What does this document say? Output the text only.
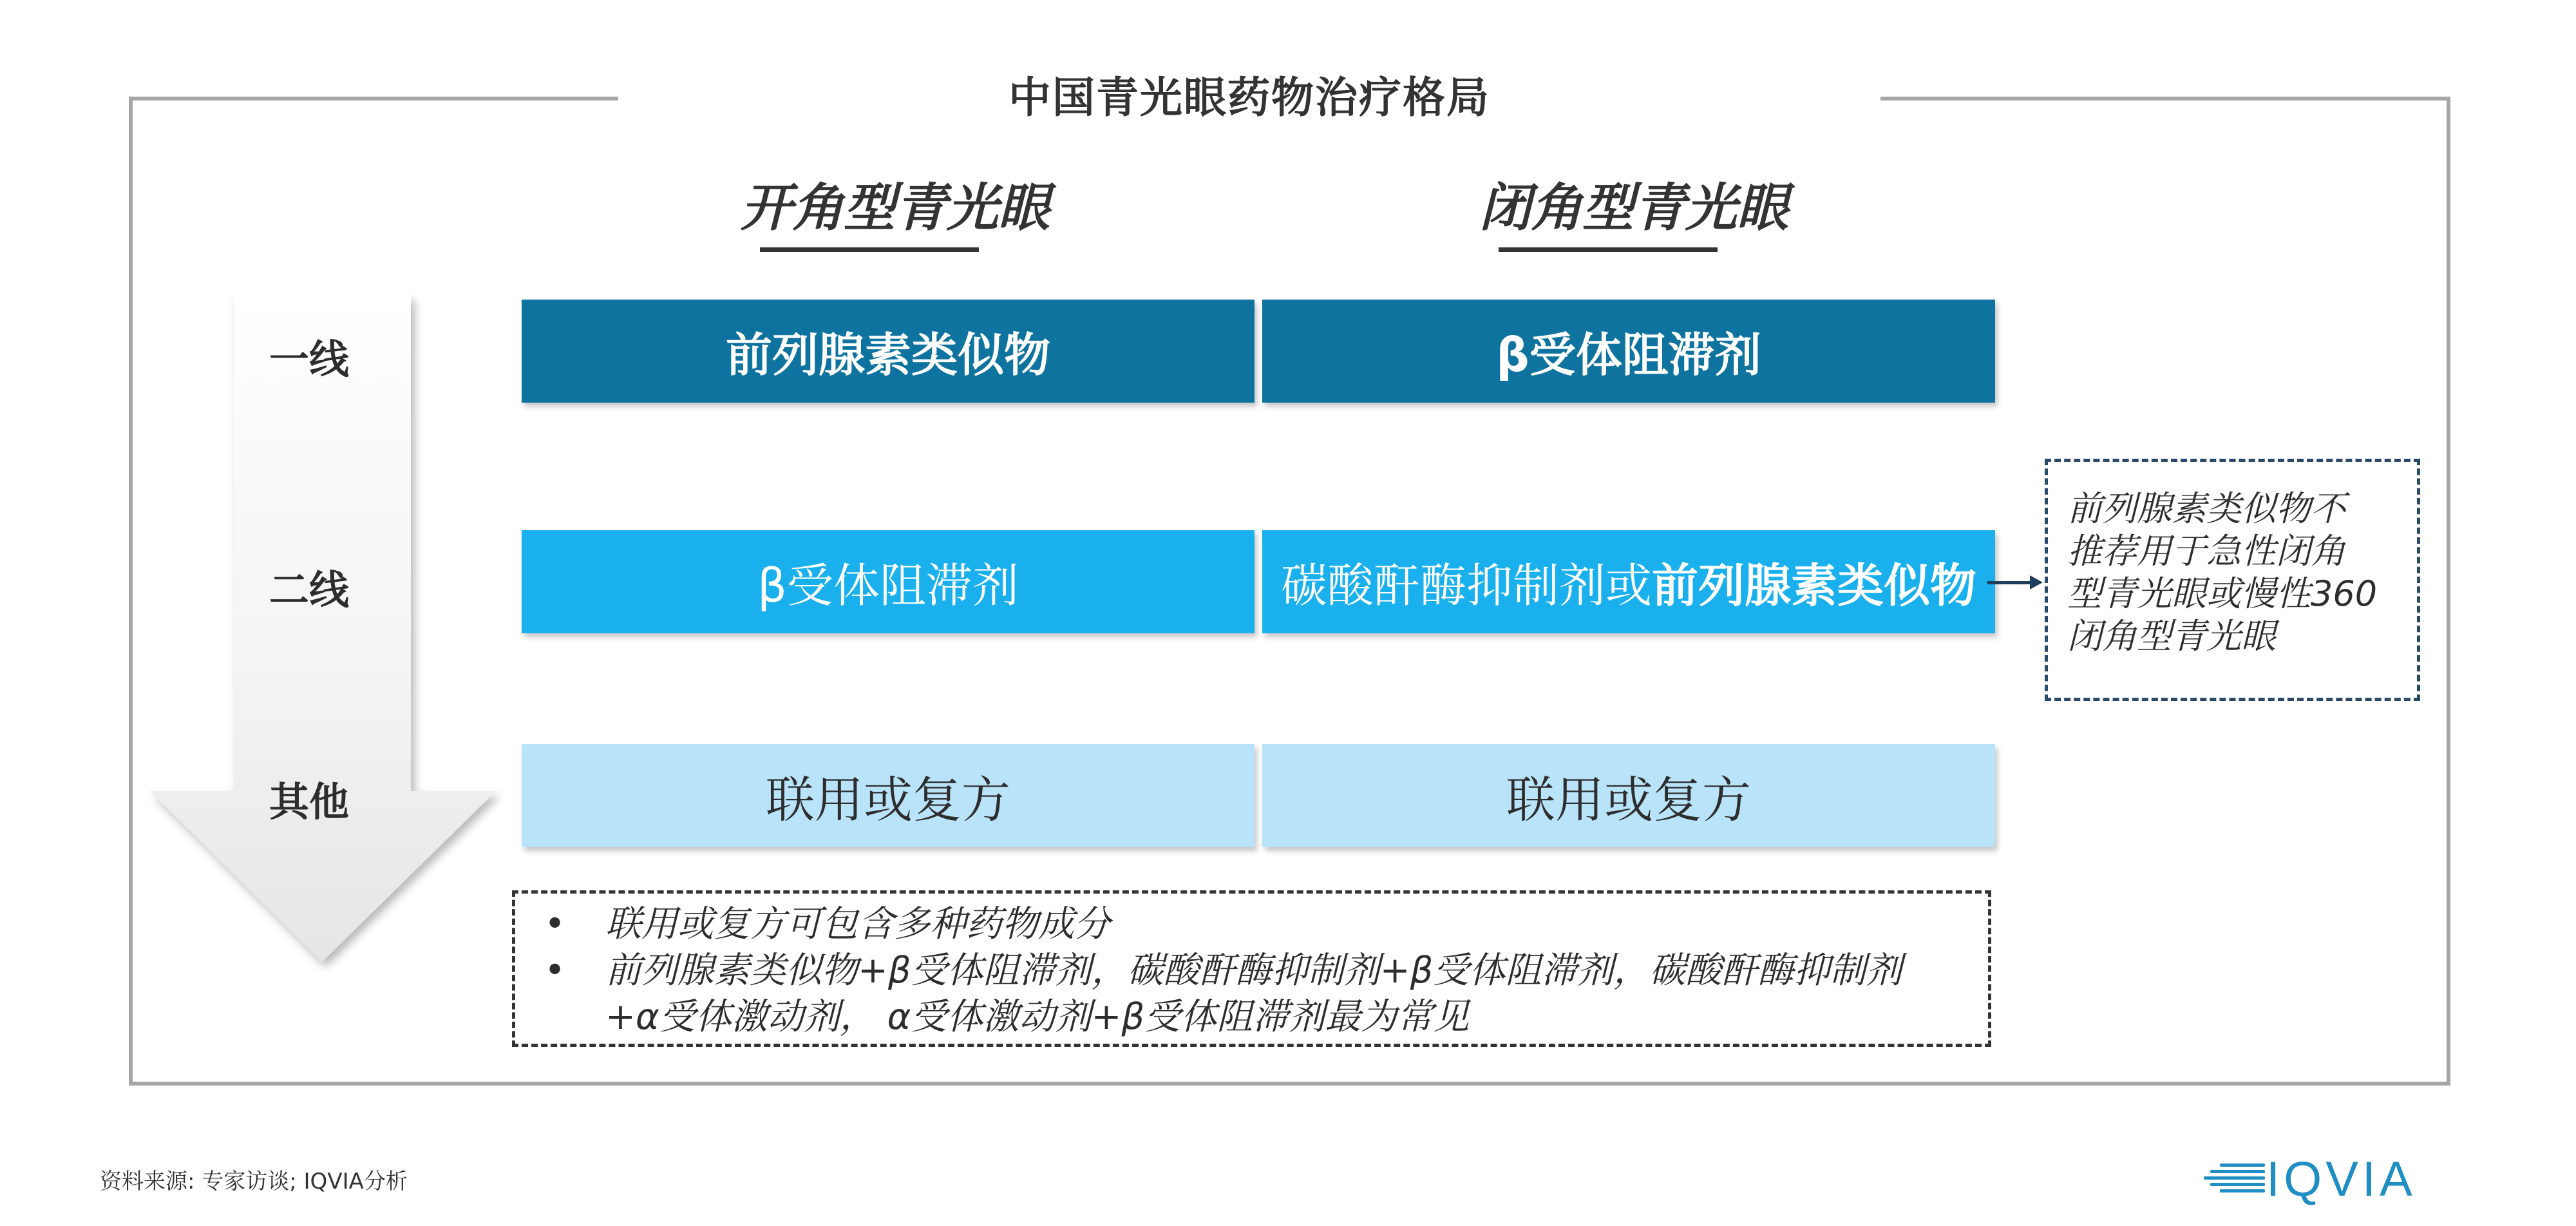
中国青光眼药物治疗格局
开角型青光眼	闭角型青光眼
一线
二线
其他
前列腺素类似物	β受体阻滞剂
β受体阻滞剂	碳酸酐酶抑制剂或 前列腺素类似物
联用或复方	联用或复方
前列腺素类似物不
推荐用于急性闭角
型青光眼或慢性360
闭角型青光眼
• 联用或复方可包含多种药物成分
• 前列腺素类似物+β受体阻滞剂，碳酸酐酶抑制剂+β受体阻滞剂，碳酸酐酶抑制剂
+α受体激动剂， α受体激动剂+β受体阻滞剂最为常见
资料来源: 专家访谈; IQVIA分析	IQVIA
